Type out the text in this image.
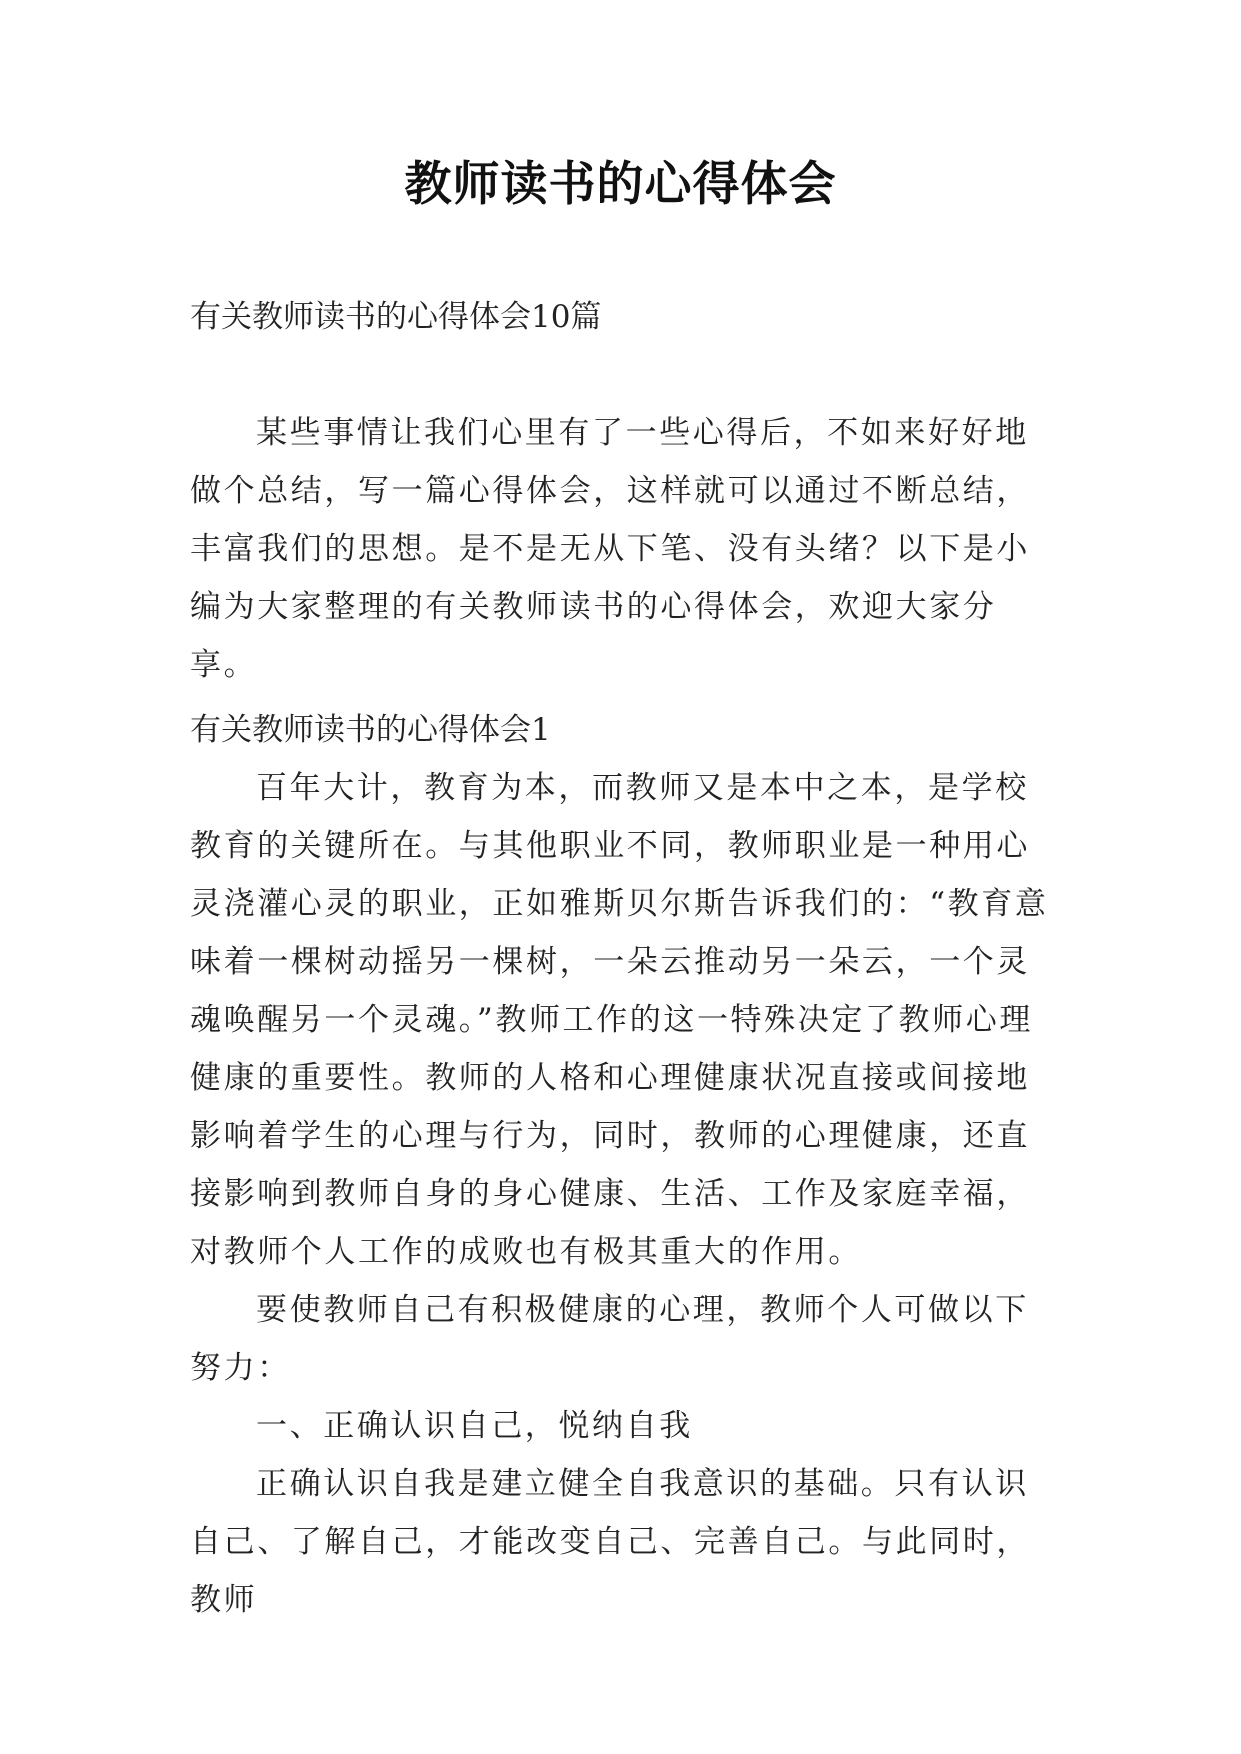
教师读书的心得体会
有关教师读书的心得体会10篇

某些事情让我们心里有了一些心得后，不如来好好地做个总结，写一篇心得体会，这样就可以通过不断总结，丰富我们的思想。是不是无从下笔、没有头绪？以下是小编为大家整理的有关教师读书的心得体会，欢迎大家分享。

有关教师读书的心得体会1

百年大计，教育为本，而教师又是本中之本，是学校教育的关键所在。与其他职业不同，教师职业是一种用心灵浇灌心灵的职业，正如雅斯贝尔斯告诉我们的：“教育意味着一棵树动摇另一棵树，一朵云推动另一朵云，一个灵魂唤醒另一个灵魂。”教师工作的这一特殊决定了教师心理健康的重要性。教师的人格和心理健康状况直接或间接地影响着学生的心理与行为，同时，教师的心理健康，还直接影响到教师自身的身心健康、生活、工作及家庭幸福，对教师个人工作的成败也有极其重大的作用。

要使教师自己有积极健康的心理，教师个人可做以下努力：

一、正确认识自己，悦纳自我

正确认识自我是建立健全自我意识的基础。只有认识自己、了解自己，才能改变自己、完善自己。与此同时，教师
